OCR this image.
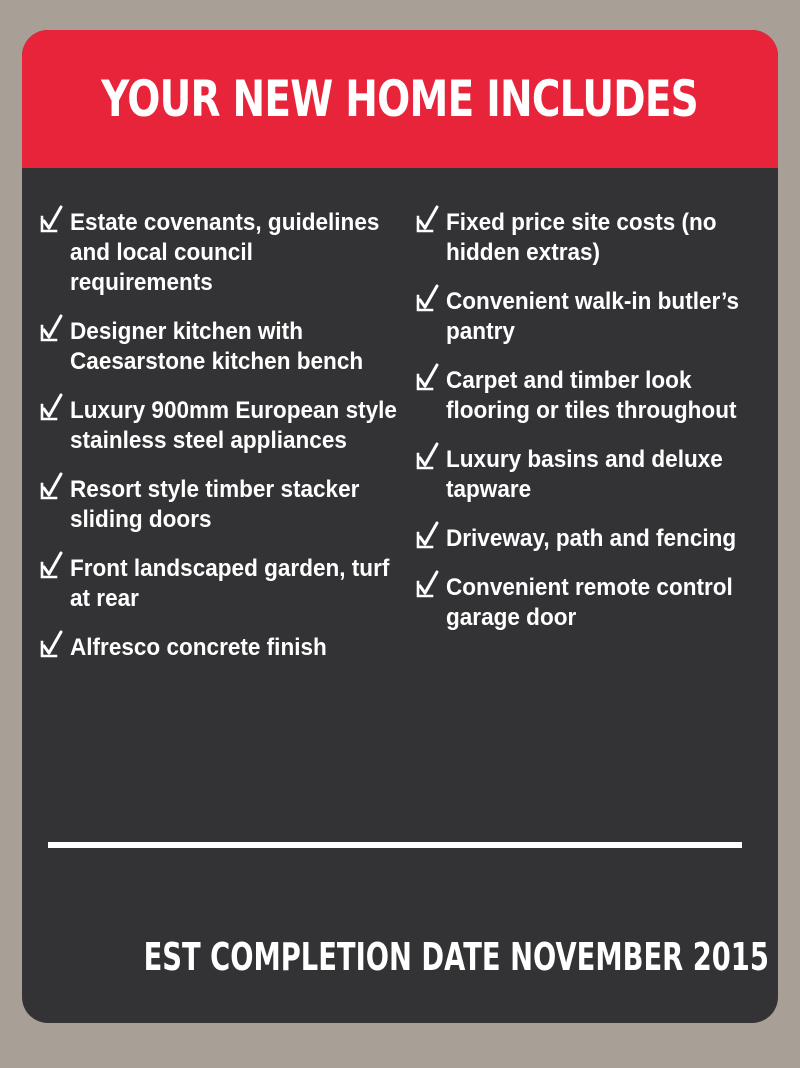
YOUR NEW HOME INCLUDES
Estate covenants, guidelines and local council requirements
Designer kitchen with Caesarstone kitchen bench
Luxury 900mm European style stainless steel appliances
Resort style timber stacker sliding doors
Front landscaped garden, turf at rear
Alfresco concrete finish
Fixed price site costs (no hidden extras)
Convenient walk-in butler’s pantry
Carpet and timber look flooring or tiles throughout
Luxury basins and deluxe tapware
Driveway, path and fencing
Convenient remote control garage door
EST COMPLETION DATE NOVEMBER 2015
